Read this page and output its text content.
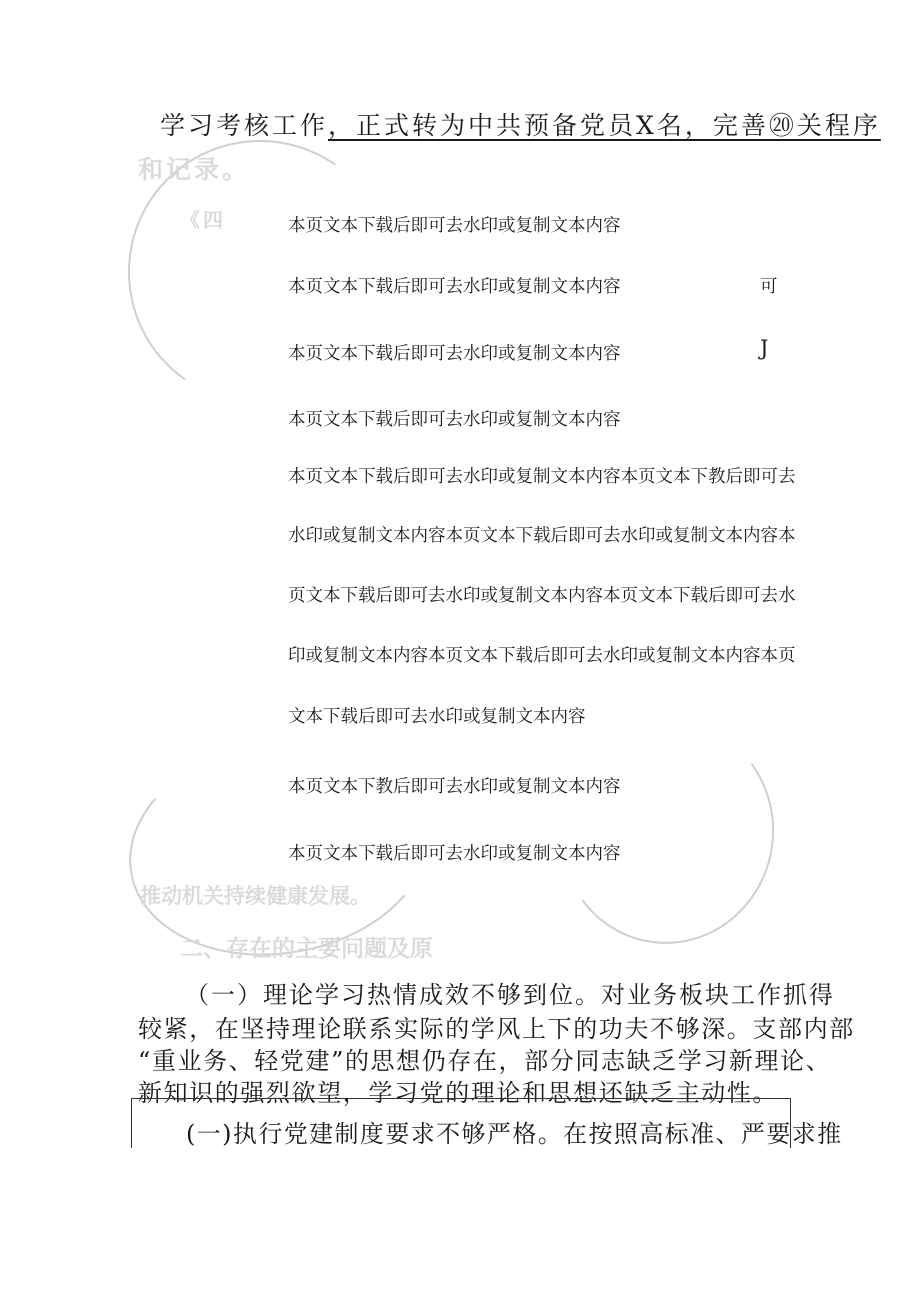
学习考核工作，正式转为中共预备党员X名，完善⑳关程序
和记录。
《四	本页文本下载后即可去水印或复制文本内容
本页文本下载后即可去水印或复制文本内容
本页文本下载后即可去水印或复制文本内容
本页文本下载后即可去水印或复制文本内容
本页文本下载后即可去水印或复制文本内容本页文本下教后即可去
水印或复制文本内容本页文本下载后即可去水印或复制文本内容本
页文本下载后即可去水印或复制文本内容本页文本下载后即可去水
印或复制文本内容本页文本下载后即可去水印或复制文本内容本页
文本下载后即可去水印或复制文本内容
本页文本下教后即可去水印或复制文本内容
本页文本下载后即可去水印或复制文本内容
可
J
推动机关持续健康发展。
二、存在的主要问题及原
（一）理论学习热情成效不够到位。对业务板块工作抓得
较紧，在坚持理论联系实际的学风上下的功夫不够深。支部内部
“重业务、轻党建”的思想仍存在，部分同志缺乏学习新理论、
新知识的强烈欲望，学习党的理论和思想还缺乏主动性。
(一)执行党建制度要求不够严格。在按照高标准、严要求推
